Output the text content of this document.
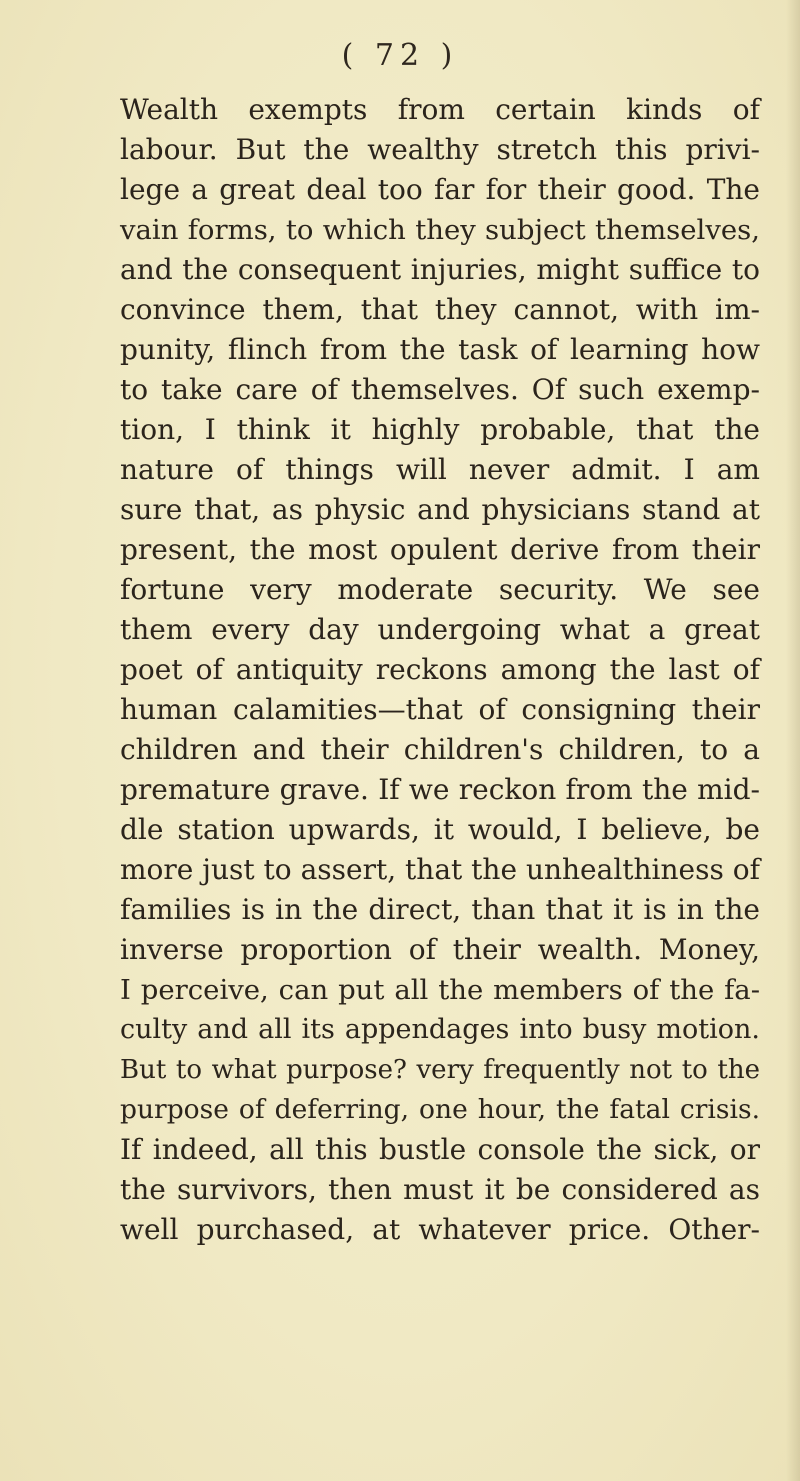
( 72 )
Wealth exempts from certain kinds of
labour. But the wealthy stretch this privi-
lege a great deal too far for their good. The
vain forms, to which they subject themselves,
and the consequent injuries, might suffice to
convince them, that they cannot, with im-
punity, flinch from the task of learning how
to take care of themselves. Of such exemp-
tion, I think it highly probable, that the
nature of things will never admit. I am
sure that, as physic and physicians stand at
present, the most opulent derive from their
fortune very moderate security. We see
them every day undergoing what a great
poet of antiquity reckons among the last of
human calamities—that of consigning their
children and their children's children, to a
premature grave. If we reckon from the mid-
dle station upwards, it would, I believe, be
more just to assert, that the unhealthiness of
families is in the direct, than that it is in the
inverse proportion of their wealth. Money,
I perceive, can put all the members of the fa-
culty and all its appendages into busy motion.
But to what purpose? very frequently not to the
purpose of deferring, one hour, the fatal crisis.
If indeed, all this bustle console the sick, or
the survivors, then must it be considered as
well purchased, at whatever price. Other-
